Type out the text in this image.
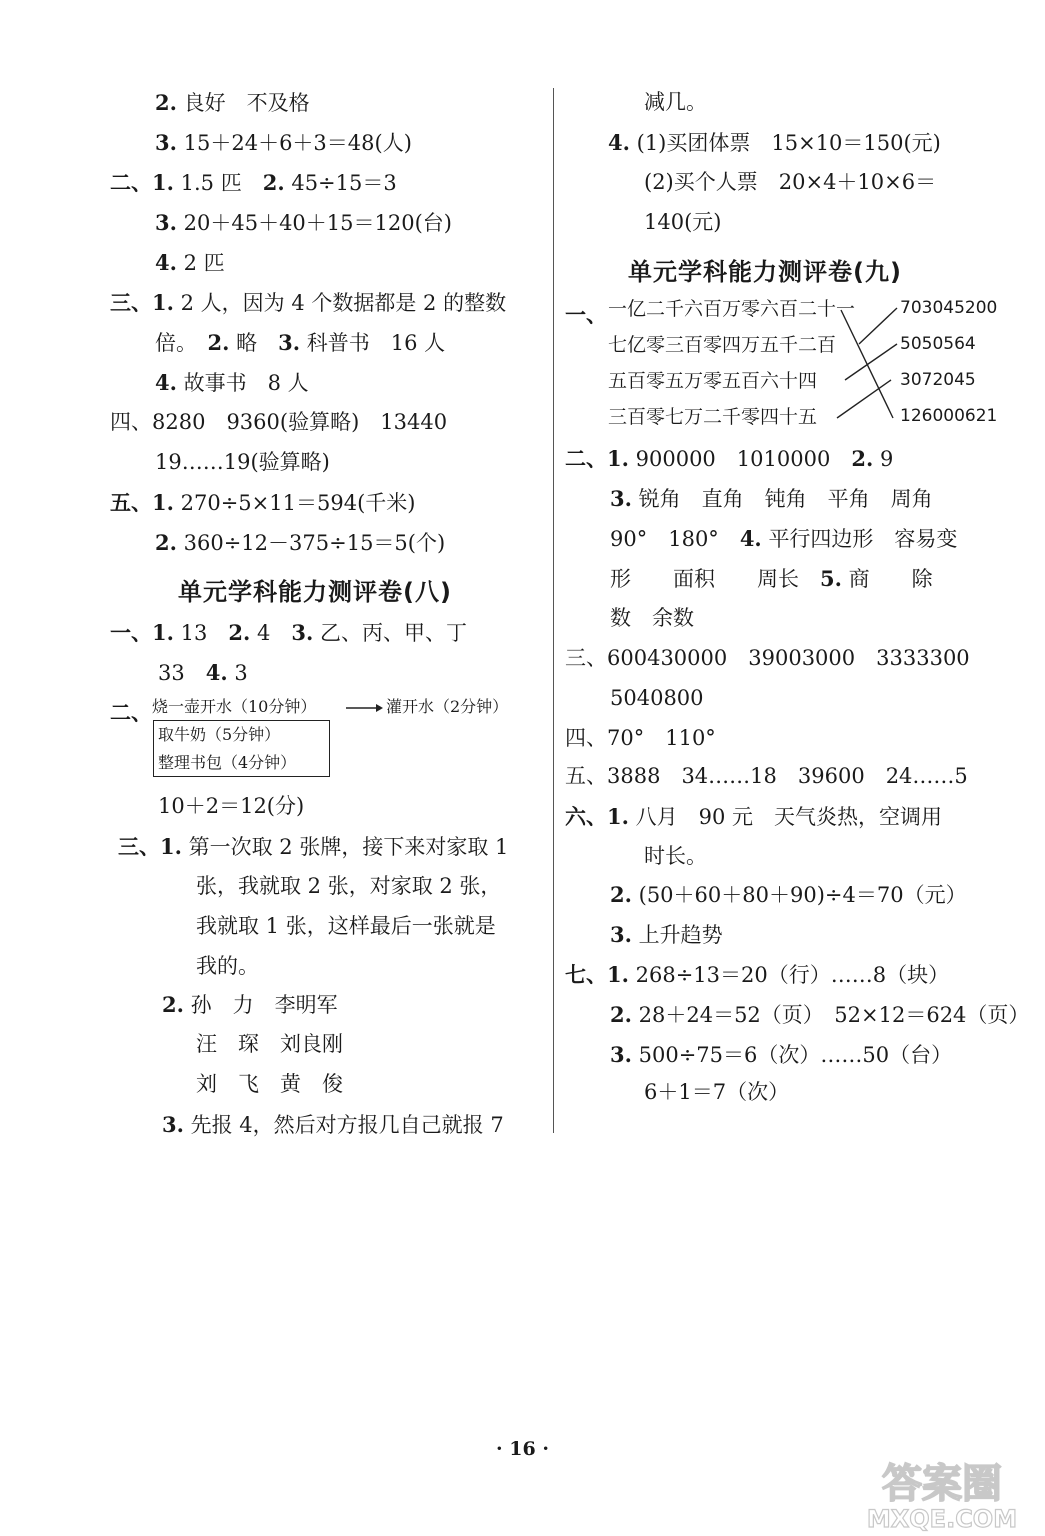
2. 良好　不及格
3. 15＋24＋6＋3＝48(人)
二、1. 1.5 匹　 2. 45÷15＝3
3. 20＋45＋40＋15＝120(台)
4. 2 匹
三、1. 2 人，因为 4 个数据都是 2 的整数
倍。　 2. 略　 3. 科普书　16 人
4. 故事书　8 人
四、8280　9360(验算略)　13440
19……19(验算略)
五、1. 270÷5×11＝594(千米)
2. 360÷12－375÷15＝5(个)
单元学科能力测评卷(八)
一、1. 13　 2. 4　 3. 乙、丙、甲、丁
33　 4. 3
二、 烧一壶开水（10分钟）	灌开水（2分钟）
取牛奶（5分钟）
整理书包（4分钟）
10＋2＝12(分)
三、1. 第一次取 2 张牌，接下来对家取 1
张，我就取 2 张，对家取 2 张，
我就取 1 张，这样最后一张就是
我的。
2. 孙　力　李明军
汪　琛　刘良刚
刘　飞　黄　俊
3. 先报 4，然后对方报几自己就报 7
减几。
4. (1)买团体票　15×10＝150(元)
(2)买个人票　20×4＋10×6＝
140(元)
单元学科能力测评卷(九)
一、 一亿二千六百万零六百二十一
七亿零三百零四万五千二百
五百零五万零五百六十四
三百零七万二千零四十五
703045200
5050564
3072045
126000621
二、1. 900000　1010000　 2. 9
3. 锐角　直角　钝角　平角　周角
90°　180°　 4. 平行四边形　容易变
形　　面积　　周长　 5. 商　　除
数　余数
三、600430000　39003000　3333300
5040800
四、70°　110°
五、3888　34……18　39600　24……5
六、1. 八月　90 元　天气炎热，空调用
时长。
2. (50＋60＋80＋90)÷4＝70（元）
3. 上升趋势
七、1. 268÷13＝20（行）……8（块）
2. 28＋24＝52（页）　52×12＝624（页）
3. 500÷75＝6（次）……50（台）
6＋1＝7（次）
· 16 ·
答案圈
MXQE.COM
